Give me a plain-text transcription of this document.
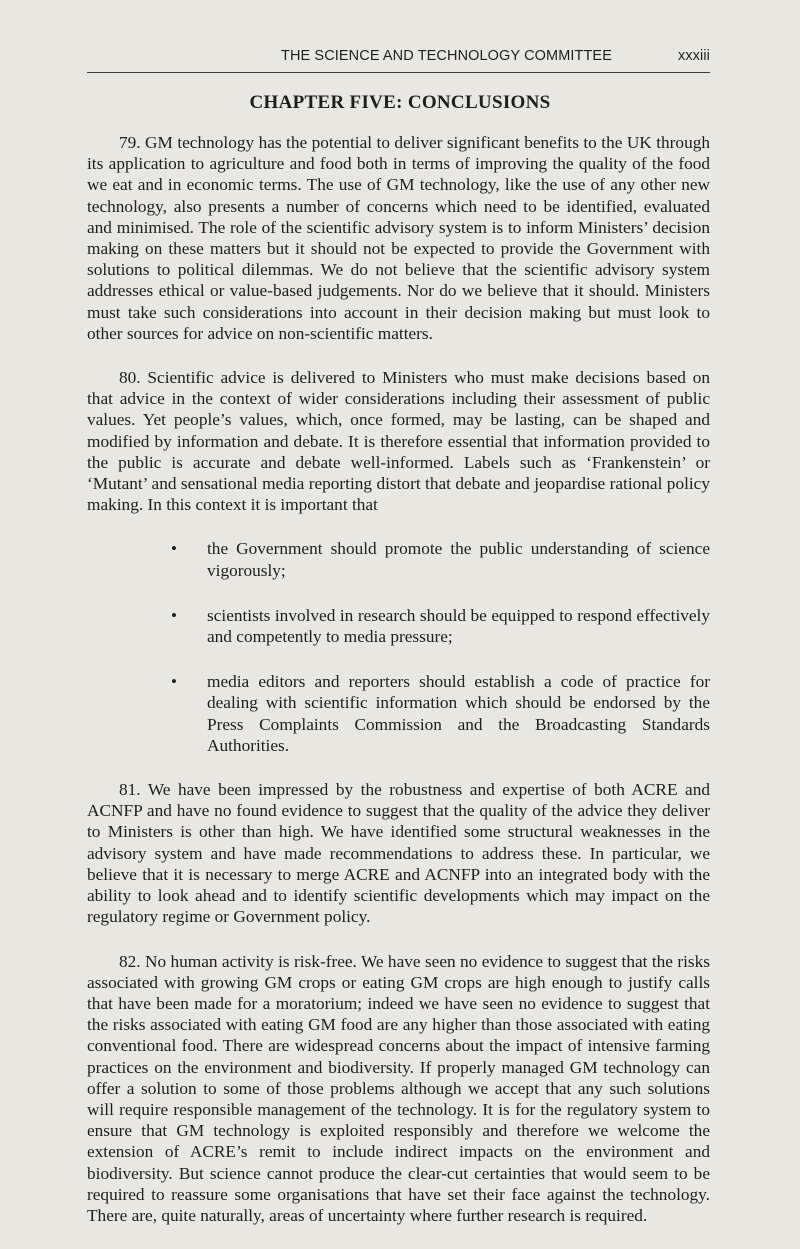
THE SCIENCE AND TECHNOLOGY COMMITTEE	xxxiii
CHAPTER FIVE: CONCLUSIONS

79. GM technology has the potential to deliver significant benefits to the UK through its application to agriculture and food both in terms of improving the quality of the food we eat and in economic terms. The use of GM technology, like the use of any other new technology, also presents a number of concerns which need to be identified, evaluated and minimised. The role of the scientific advisory system is to inform Ministers’ decision making on these matters but it should not be expected to provide the Government with solutions to political dilemmas. We do not believe that the scientific advisory system addresses ethical or value-based judgements. Nor do we believe that it should. Ministers must take such considerations into account in their decision making but must look to other sources for advice on non-scientific matters.

80. Scientific advice is delivered to Ministers who must make decisions based on that advice in the context of wider considerations including their assessment of public values. Yet people’s values, which, once formed, may be lasting, can be shaped and modified by information and debate. It is therefore essential that information provided to the public is accurate and debate well-informed. Labels such as ‘Frankenstein’ or ‘Mutant’ and sensational media reporting distort that debate and jeopardise rational policy making. In this context it is important that

• the Government should promote the public understanding of science vigorously;
• scientists involved in research should be equipped to respond effectively and competently to media pressure;
• media editors and reporters should establish a code of practice for dealing with scientific information which should be endorsed by the Press Complaints Commission and the Broadcasting Standards Authorities.

81. We have been impressed by the robustness and expertise of both ACRE and ACNFP and have no found evidence to suggest that the quality of the advice they deliver to Ministers is other than high. We have identified some structural weaknesses in the advisory system and have made recommendations to address these. In particular, we believe that it is necessary to merge ACRE and ACNFP into an integrated body with the ability to look ahead and to identify scientific developments which may impact on the regulatory regime or Government policy.

82. No human activity is risk-free. We have seen no evidence to suggest that the risks associated with growing GM crops or eating GM crops are high enough to justify calls that have been made for a moratorium; indeed we have seen no evidence to suggest that the risks associated with eating GM food are any higher than those associated with eating conventional food. There are widespread concerns about the impact of intensive farming practices on the environment and biodiversity. If properly managed GM technology can offer a solution to some of those problems although we accept that any such solutions will require responsible management of the technology. It is for the regulatory system to ensure that GM technology is exploited responsibly and therefore we welcome the extension of ACRE’s remit to include indirect impacts on the environment and biodiversity. But science cannot produce the clear-cut certainties that would seem to be required to reassure some organisations that have set their face against the technology. There are, quite naturally, areas of uncertainty where further research is required.
